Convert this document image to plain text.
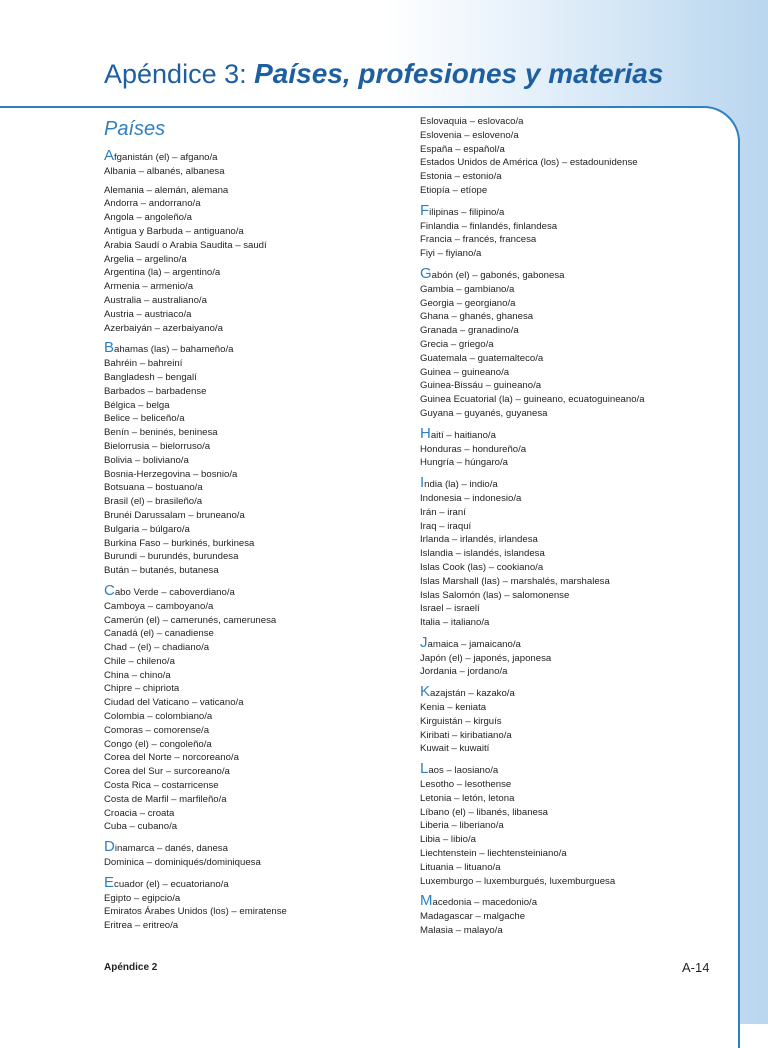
Apéndice 3: Países, profesiones y materias
Países
Afganistán (el) – afgano/a
Albania – albanés, albanesa
Alemania – alemán, alemana
Andorra – andorrano/a
Angola – angoleño/a
Antigua y Barbuda – antiguano/a
Arabia Saudí o Arabia Saudita – saudí
Argelia – argelino/a
Argentina (la) – argentino/a
Armenia – armenio/a
Australia – australiano/a
Austria – austriaco/a
Azerbaiyán – azerbaiyano/a
Bahamas (las) – bahameño/a
Bahréin – bahreiní
Bangladesh – bengalí
Barbados – barbadense
Bélgica – belga
Belice – beliceño/a
Benín – beninés, beninesa
Bielorrusia – bielorruso/a
Bolivia – boliviano/a
Bosnia-Herzegovina – bosnio/a
Botsuana – bostuano/a
Brasil (el) – brasileño/a
Brunéi Darussalam – bruneano/a
Bulgaria – búlgaro/a
Burkina Faso – burkinés, burkinesa
Burundi – burundés, burundesa
Bután – butanés, butanesa
Cabo Verde – caboverdiano/a
Camboya – camboyano/a
Camerún (el) – camerunés, camerunesa
Canadá (el) – canadiense
Chad – (el) – chadiano/a
Chile – chileno/a
China – chino/a
Chipre – chipriota
Ciudad del Vaticano – vaticano/a
Colombia – colombiano/a
Comoras – comorense/a
Congo (el) – congoleño/a
Corea del Norte – norcoreano/a
Corea del Sur – surcoreano/a
Costa Rica – costarricense
Costa de Marfil – marfileño/a
Croacia – croata
Cuba – cubano/a
Dinamarca – danés, danesa
Dominica – dominiqués/dominiquesa
Ecuador (el) – ecuatoriano/a
Egipto – egipcio/a
Emiratos Árabes Unidos (los) – emiratense
Eritrea – eritreo/a
Eslovaquia – eslovaco/a
Eslovenia – esloveno/a
España – español/a
Estados Unidos de América (los) – estadounidense
Estonia – estonio/a
Etiopía – etíope
Filipinas – filipino/a
Finlandia – finlandés, finlandesa
Francia – francés, francesa
Fiyi – fiyiano/a
Gabón (el) – gabonés, gabonesa
Gambia – gambiano/a
Georgia – georgiano/a
Ghana – ghanés, ghanesa
Granada – granadino/a
Grecia – griego/a
Guatemala – guatemalteco/a
Guinea – guineano/a
Guinea-Bissáu – guineano/a
Guinea Ecuatorial (la) – guineano, ecuatoguineano/a
Guyana – guyanés, guyanesa
Haití – haitiano/a
Honduras – hondureño/a
Hungría – húngaro/a
India (la) – indio/a
Indonesia – indonesio/a
Irán – iraní
Iraq – iraquí
Irlanda – irlandés, irlandesa
Islandia – islandés, islandesa
Islas Cook (las) – cookiano/a
Islas Marshall (las) – marshalés, marshalesa
Islas Salomón (las) – salomonense
Israel – israelí
Italia – italiano/a
Jamaica – jamaicano/a
Japón (el) – japonés, japonesa
Jordania – jordano/a
Kazajstán – kazako/a
Kenia – keniata
Kirguistán – kirguís
Kiribati – kiribatiano/a
Kuwait – kuwaití
Laos – laosiano/a
Lesotho – lesothense
Letonia – letón, letona
Líbano (el) – libanés, libanesa
Liberia – liberiano/a
Libia – libio/a
Liechtenstein – liechtensteiniano/a
Lituania – lituano/a
Luxemburgo – luxemburgués, luxemburguesa
Macedonia – macedonio/a
Madagascar – malgache
Malasia – malayo/a
Apéndice 2	A-14
